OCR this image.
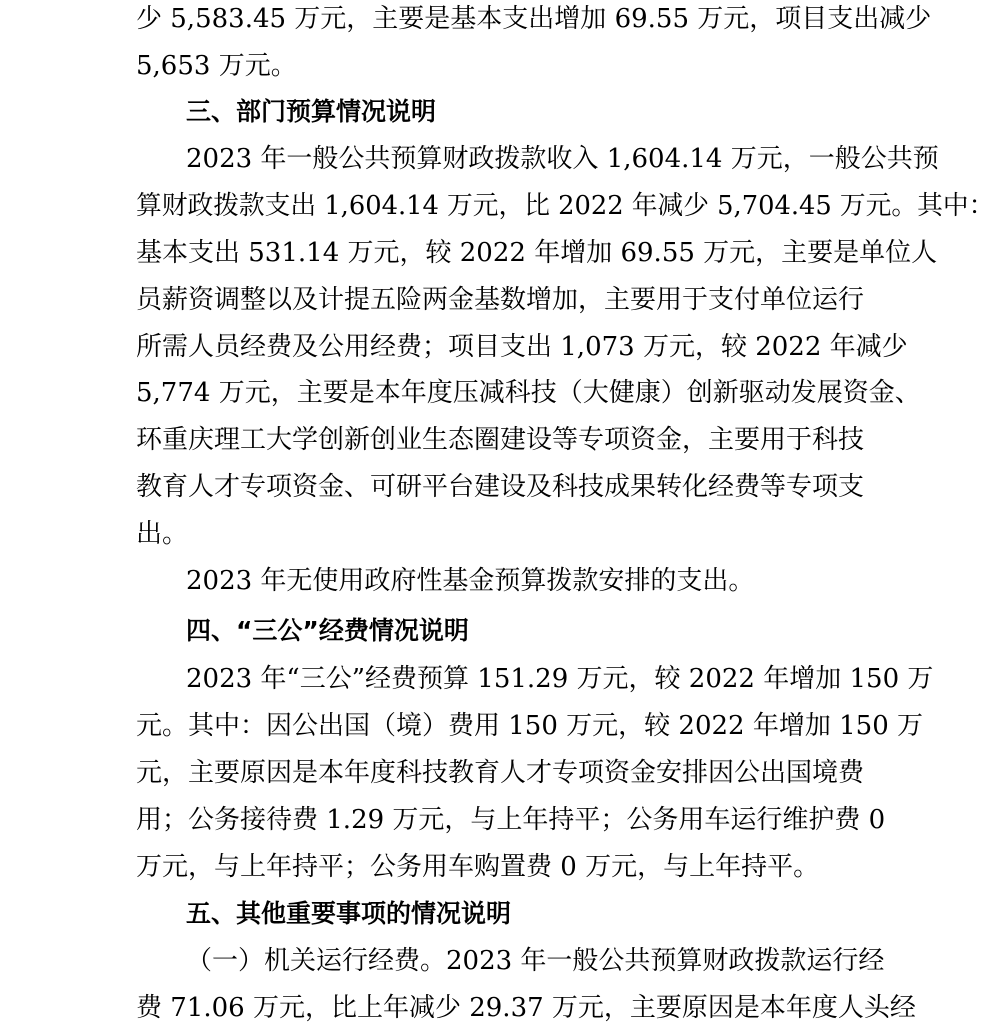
少 5,583.45 万元，主要是基本支出增加 69.55 万元，项目支出减少
5,653 万元。
三、部门预算情况说明
2023 年一般公共预算财政拨款收入 1,604.14 万元，一般公共预
算财政拨款支出 1,604.14 万元，比 2022 年减少 5,704.45 万元。其中：
基本支出 531.14 万元，较 2022 年增加 69.55 万元，主要是单位人
员薪资调整以及计提五险两金基数增加，主要用于支付单位运行
所需人员经费及公用经费；项目支出 1,073 万元，较 2022 年减少
5,774 万元，主要是本年度压减科技（大健康）创新驱动发展资金、
环重庆理工大学创新创业生态圈建设等专项资金，主要用于科技
教育人才专项资金、可研平台建设及科技成果转化经费等专项支
出。
2023 年无使用政府性基金预算拨款安排的支出。
四、“三公”经费情况说明
2023 年“三公”经费预算 151.29 万元，较 2022 年增加 150 万
元。其中：因公出国（境）费用 150 万元，较 2022 年增加 150 万
元，主要原因是本年度科技教育人才专项资金安排因公出国境费
用；公务接待费 1.29 万元，与上年持平；公务用车运行维护费 0
万元，与上年持平；公务用车购置费 0 万元，与上年持平。
五、其他重要事项的情况说明
（一）机关运行经费。2023 年一般公共预算财政拨款运行经
费 71.06 万元，比上年减少 29.37 万元，主要原因是本年度人头经
